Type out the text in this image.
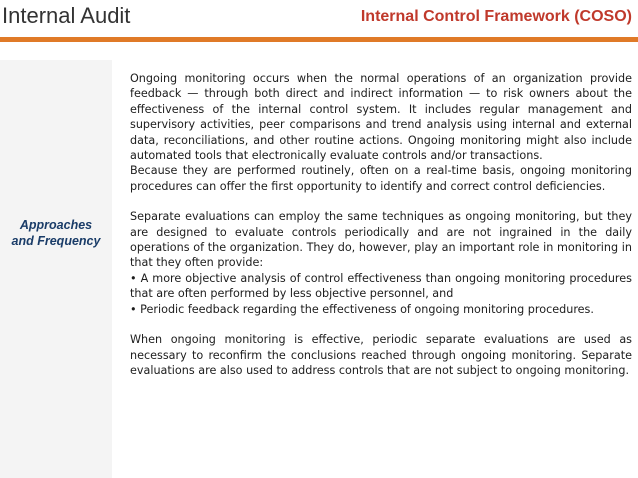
Internal Audit	Internal Control Framework (COSO)
Approaches
and Frequency

Ongoing monitoring occurs when the normal operations of an organization provide feedback — through both direct and indirect information — to risk owners about the effectiveness of the internal control system. It includes regular management and supervisory activities, peer comparisons and trend analysis using internal and external data, reconciliations, and other routine actions. Ongoing monitoring might also include automated tools that electronically evaluate controls and/or transactions.

Because they are performed routinely, often on a real-time basis, ongoing monitoring procedures can offer the first opportunity to identify and correct control deficiencies.

Separate evaluations can employ the same techniques as ongoing monitoring, but they are designed to evaluate controls periodically and are not ingrained in the daily operations of the organization. They do, however, play an important role in monitoring in that they often provide:

• A more objective analysis of control effectiveness than ongoing monitoring procedures that are often performed by less objective personnel, and

• Periodic feedback regarding the effectiveness of ongoing monitoring procedures.

When ongoing monitoring is effective, periodic separate evaluations are used as necessary to reconfirm the conclusions reached through ongoing monitoring. Separate evaluations are also used to address controls that are not subject to ongoing monitoring.
